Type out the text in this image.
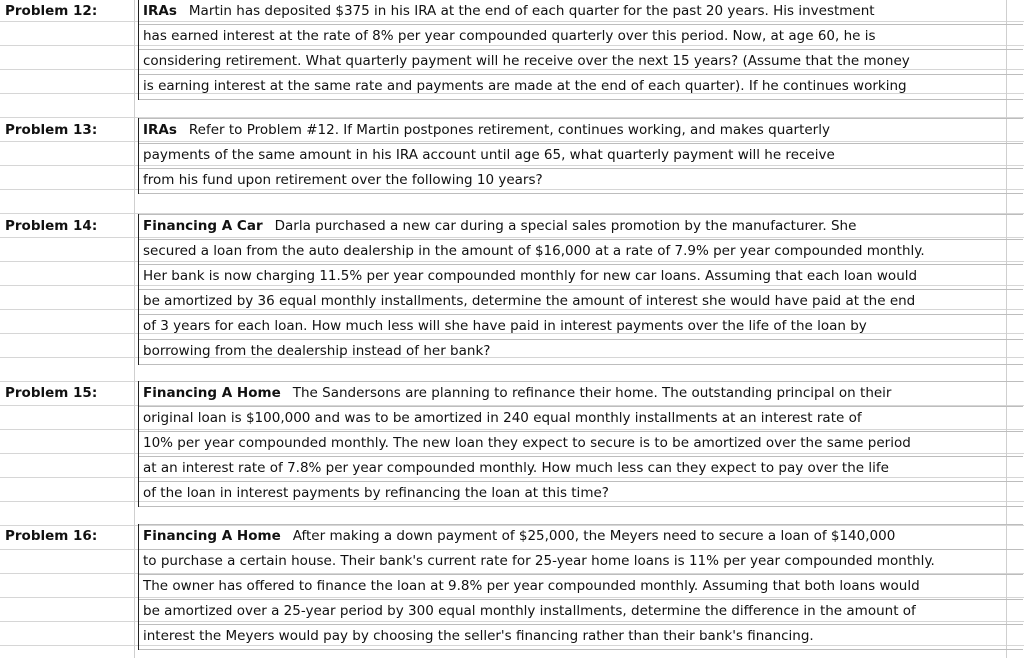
Problem 12:	IRAs Martin has deposited $375 in his IRA at the end of each quarter for the past 20 years. His investment
has earned interest at the rate of 8% per year compounded quarterly over this period. Now, at age 60, he is
considering retirement. What quarterly payment will he receive over the next 15 years? (Assume that the money
is earning interest at the same rate and payments are made at the end of each quarter). If he continues working
Problem 13:	IRAs Refer to Problem #12. If Martin postpones retirement, continues working, and makes quarterly
payments of the same amount in his IRA account until age 65, what quarterly payment will he receive
from his fund upon retirement over the following 10 years?
Problem 14:	Financing A Car Darla purchased a new car during a special sales promotion by the manufacturer. She
secured a loan from the auto dealership in the amount of $16,000 at a rate of 7.9% per year compounded monthly.
Her bank is now charging 11.5% per year compounded monthly for new car loans. Assuming that each loan would
be amortized by 36 equal monthly installments, determine the amount of interest she would have paid at the end
of 3 years for each loan. How much less will she have paid in interest payments over the life of the loan by
borrowing from the dealership instead of her bank?
Problem 15:	Financing A Home The Sandersons are planning to refinance their home. The outstanding principal on their
original loan is $100,000 and was to be amortized in 240 equal monthly installments at an interest rate of
10% per year compounded monthly. The new loan they expect to secure is to be amortized over the same period
at an interest rate of 7.8% per year compounded monthly. How much less can they expect to pay over the life
of the loan in interest payments by refinancing the loan at this time?
Problem 16:	Financing A Home After making a down payment of $25,000, the Meyers need to secure a loan of $140,000
to purchase a certain house. Their bank's current rate for 25-year home loans is 11% per year compounded monthly.
The owner has offered to finance the loan at 9.8% per year compounded monthly. Assuming that both loans would
be amortized over a 25-year period by 300 equal monthly installments, determine the difference in the amount of
interest the Meyers would pay by choosing the seller's financing rather than their bank's financing.
